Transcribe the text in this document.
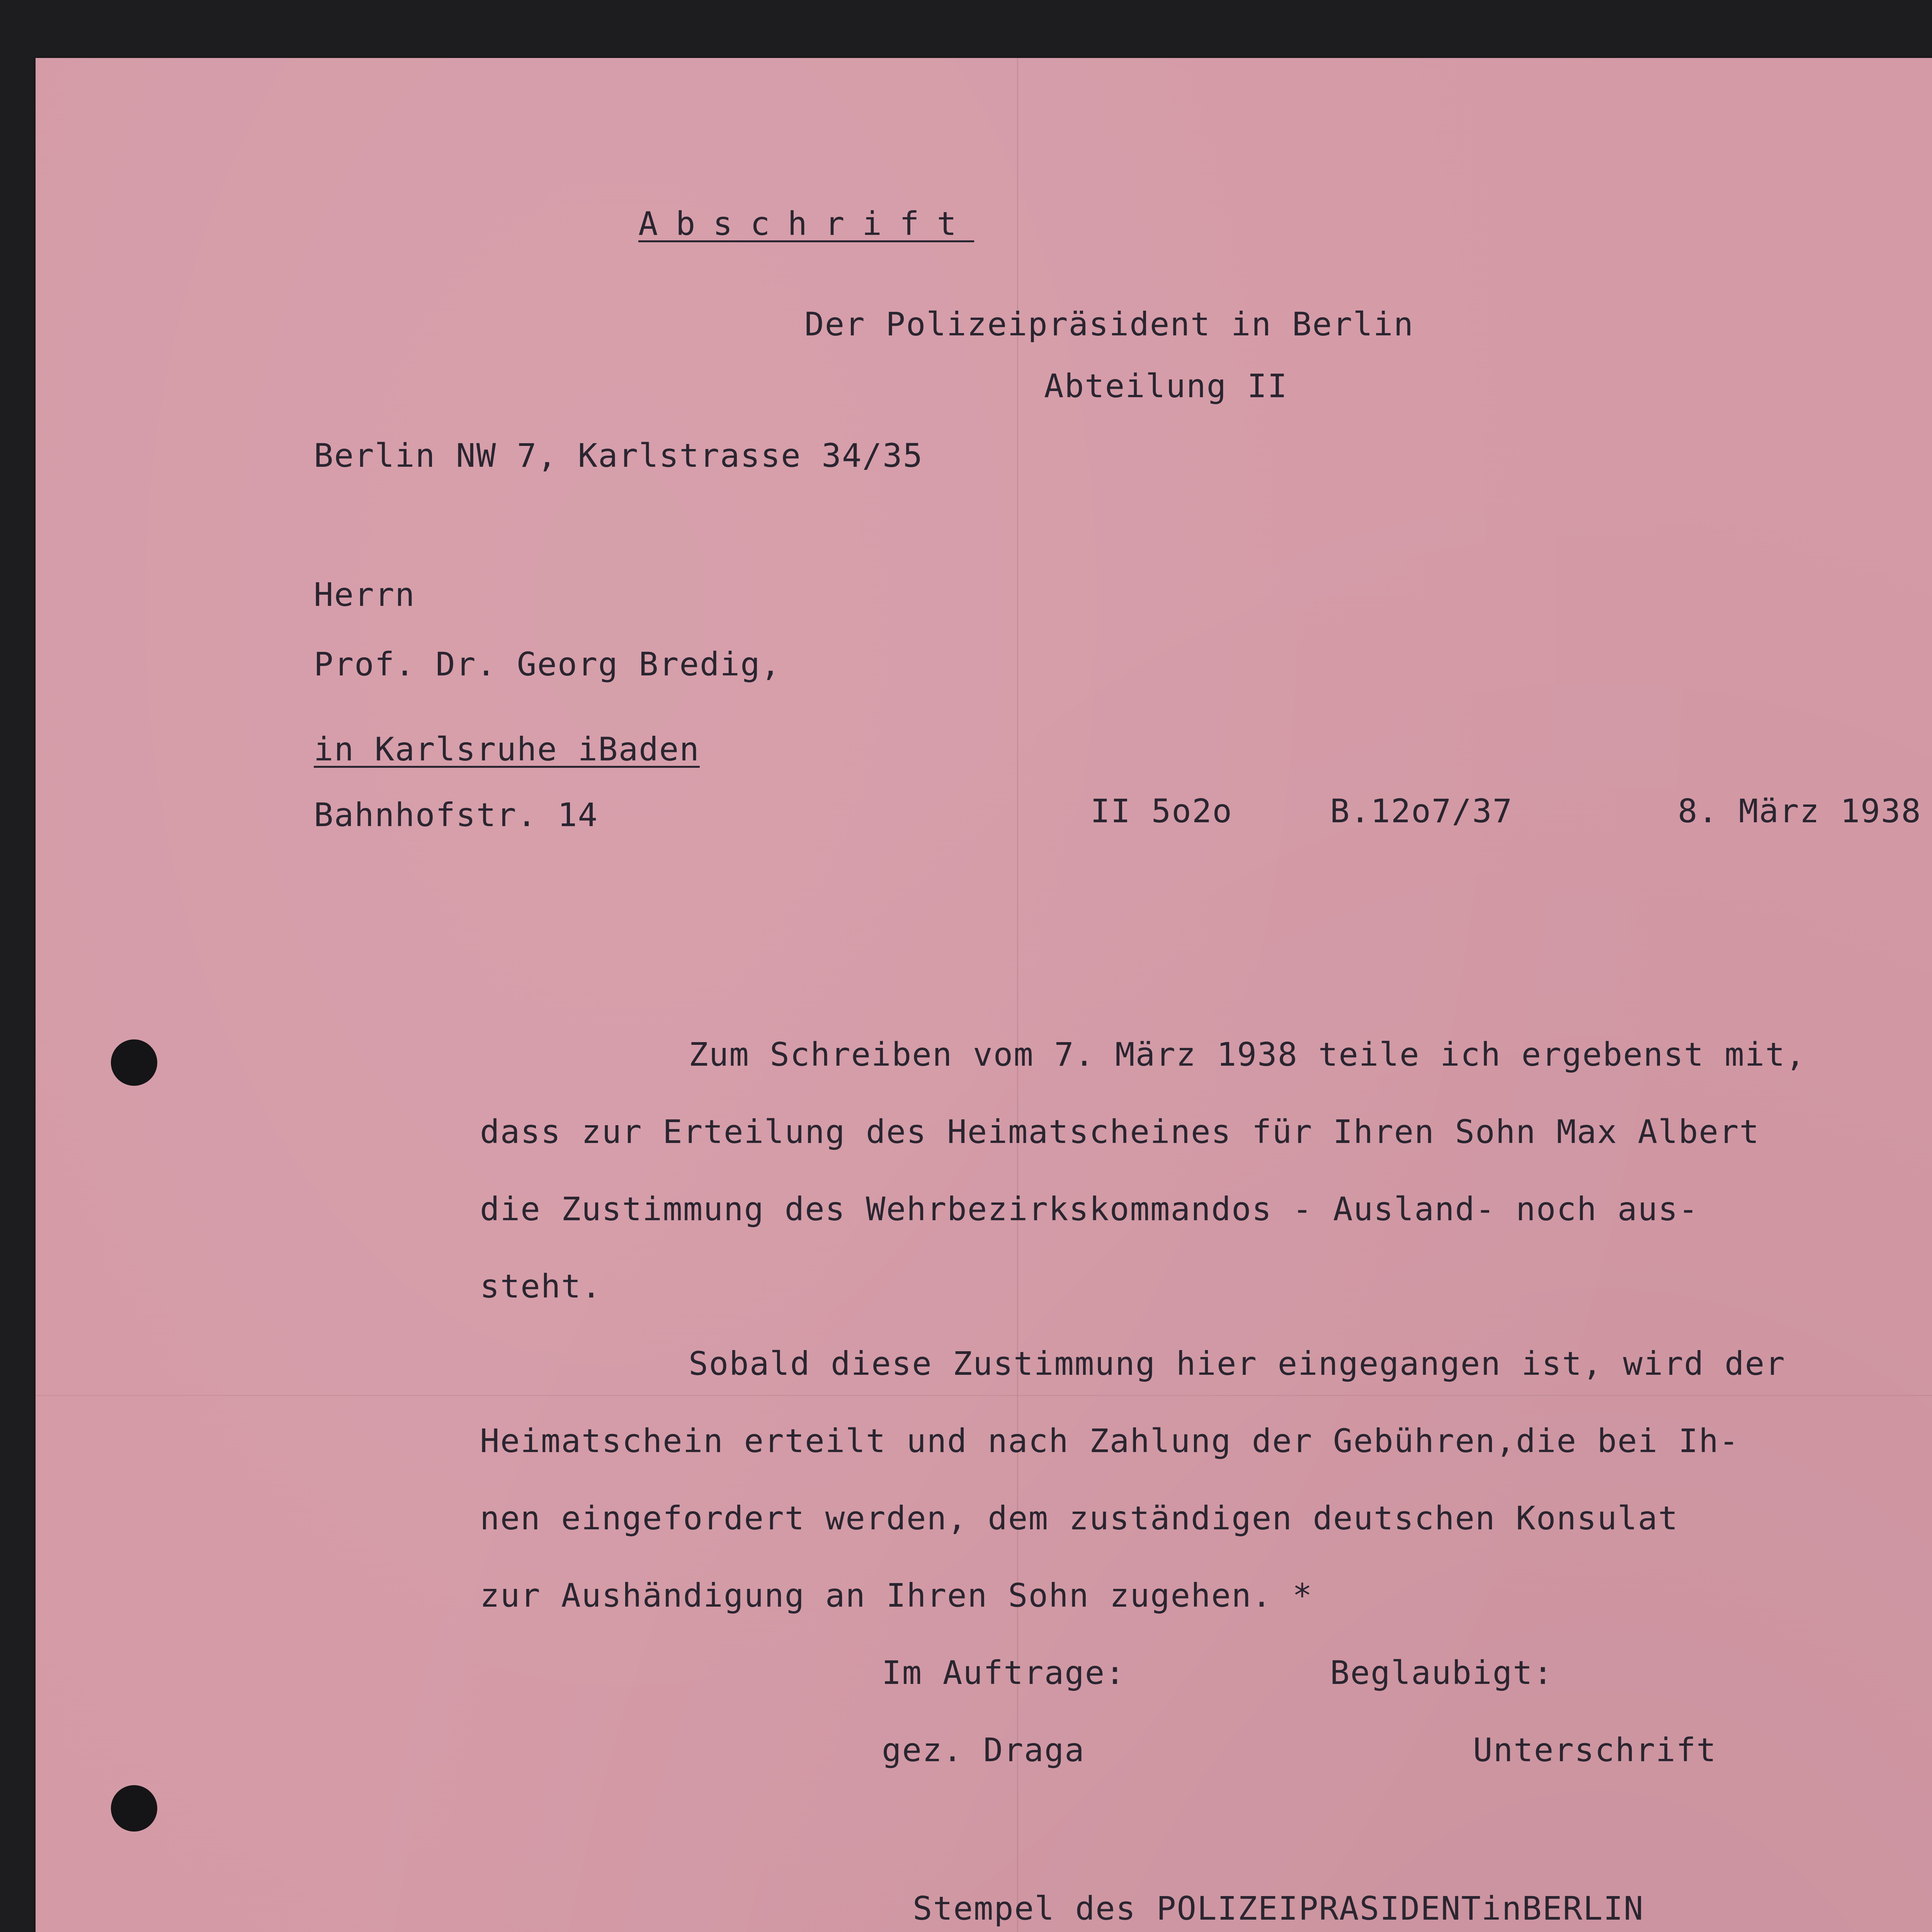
Abschrift
Der Polizeipräsident in Berlin
Abteilung II
Berlin NW 7, Karlstrasse 34/35
Herrn
Prof. Dr. Georg Bredig,
in Karlsruhe iBaden
Bahnhofstr. 14	II 5o2o	B.12o7/37	8. März 1938
Zum Schreiben vom 7. März 1938 teile ich ergebenst mit,
dass zur Erteilung des Heimatscheines für Ihren Sohn Max Albert
die Zustimmung des Wehrbezirkskommandos - Ausland- noch aus-
steht.
Sobald diese Zustimmung hier eingegangen ist, wird der
Heimatschein erteilt und nach Zahlung der Gebühren,die bei Ih-
nen eingefordert werden, dem zuständigen deutschen Konsulat
zur Aushändigung an Ihren Sohn zugehen. *
Im Auftrage:
gez. Draga
Beglaubigt:
Unterschrift
Stempel des POLIZEIPRASIDENTinBERLIN
